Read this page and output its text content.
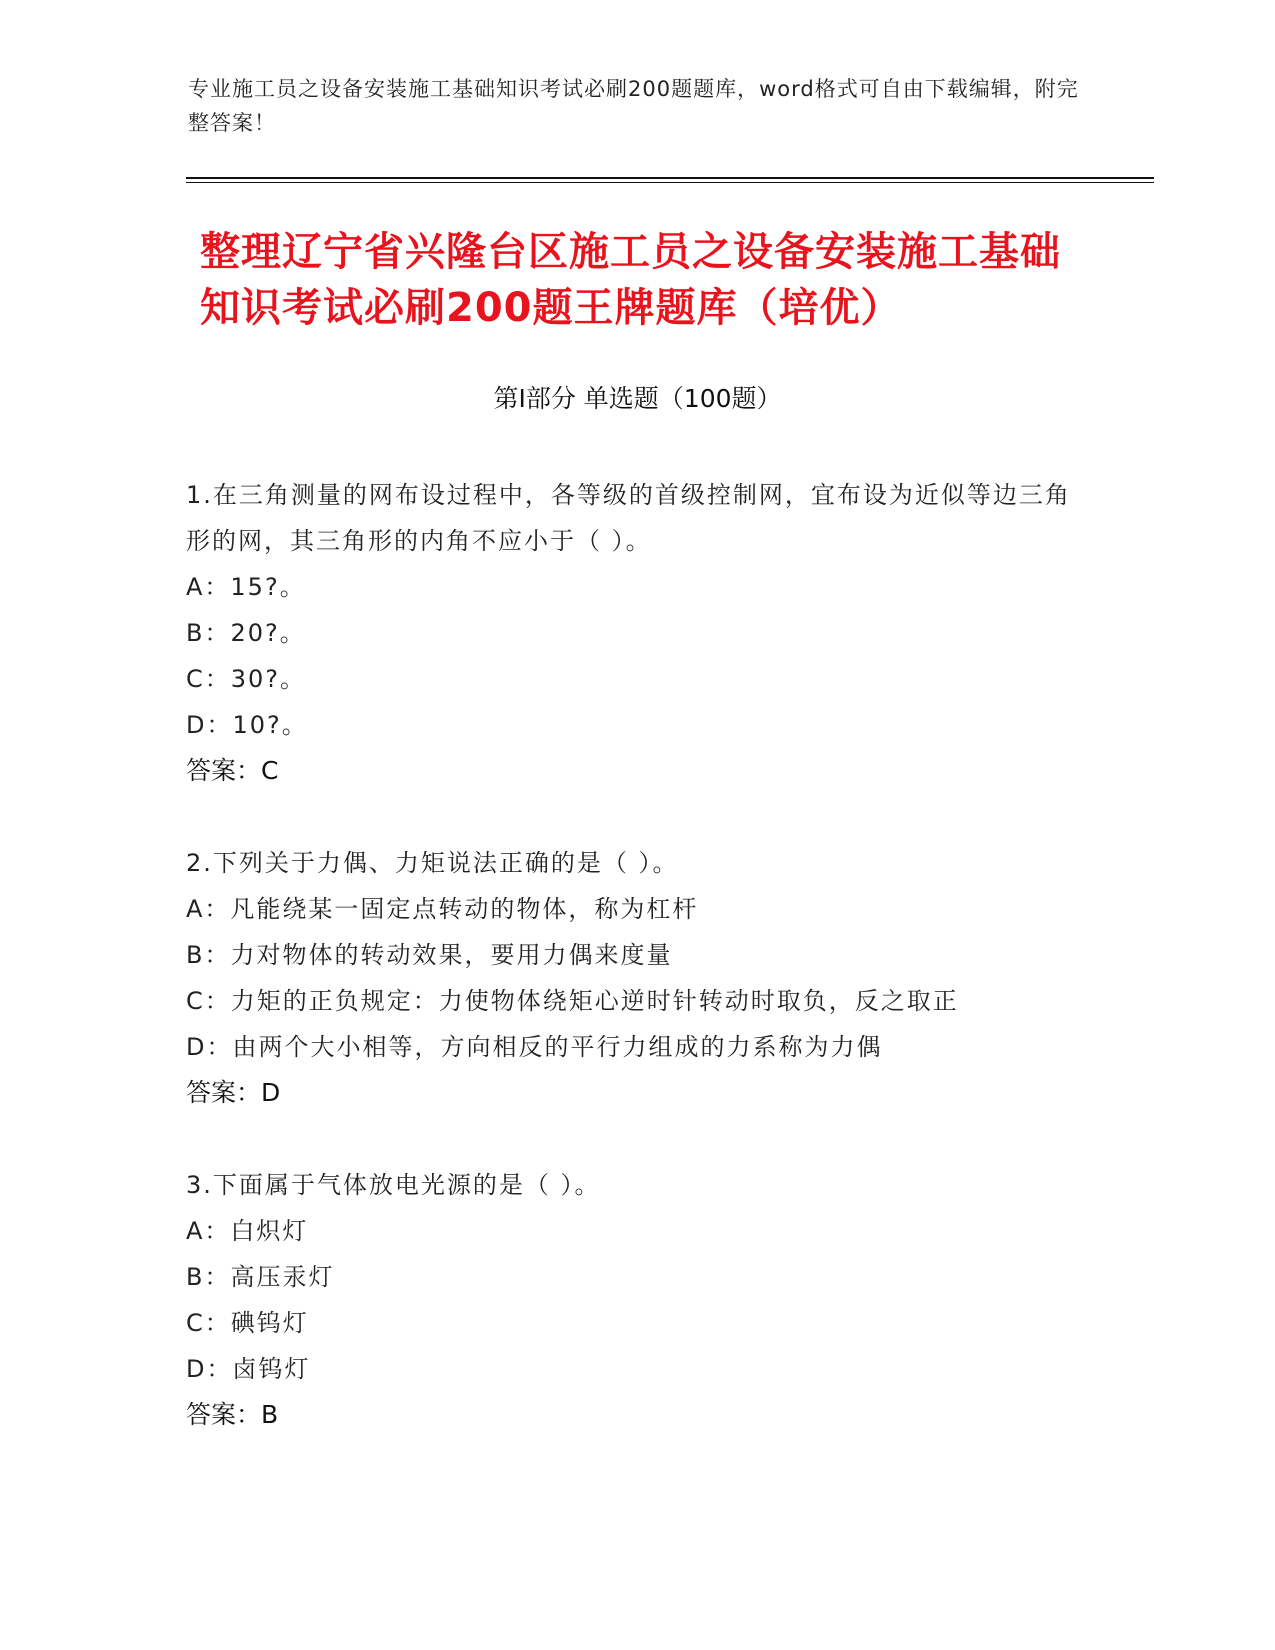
专业施工员之设备安装施工基础知识考试必刷200题题库，word格式可自由下载编辑，附完整答案！
整理辽宁省兴隆台区施工员之设备安装施工基础知识考试必刷200题王牌题库（培优）
第I部分 单选题（100题）

1.在三角测量的网布设过程中，各等级的首级控制网，宜布设为近似等边三角形的网，其三角形的内角不应小于（ ）。

A：15?。

B：20?。

C：30?。

D：10?。

答案：C

2.下列关于力偶、力矩说法正确的是（ ）。

A：凡能绕某一固定点转动的物体，称为杠杆

B：力对物体的转动效果，要用力偶来度量

C：力矩的正负规定：力使物体绕矩心逆时针转动时取负，反之取正

D：由两个大小相等，方向相反的平行力组成的力系称为力偶

答案：D

3.下面属于气体放电光源的是（ ）。

A：白炽灯

B：高压汞灯

C：碘钨灯

D：卤钨灯

答案：B
